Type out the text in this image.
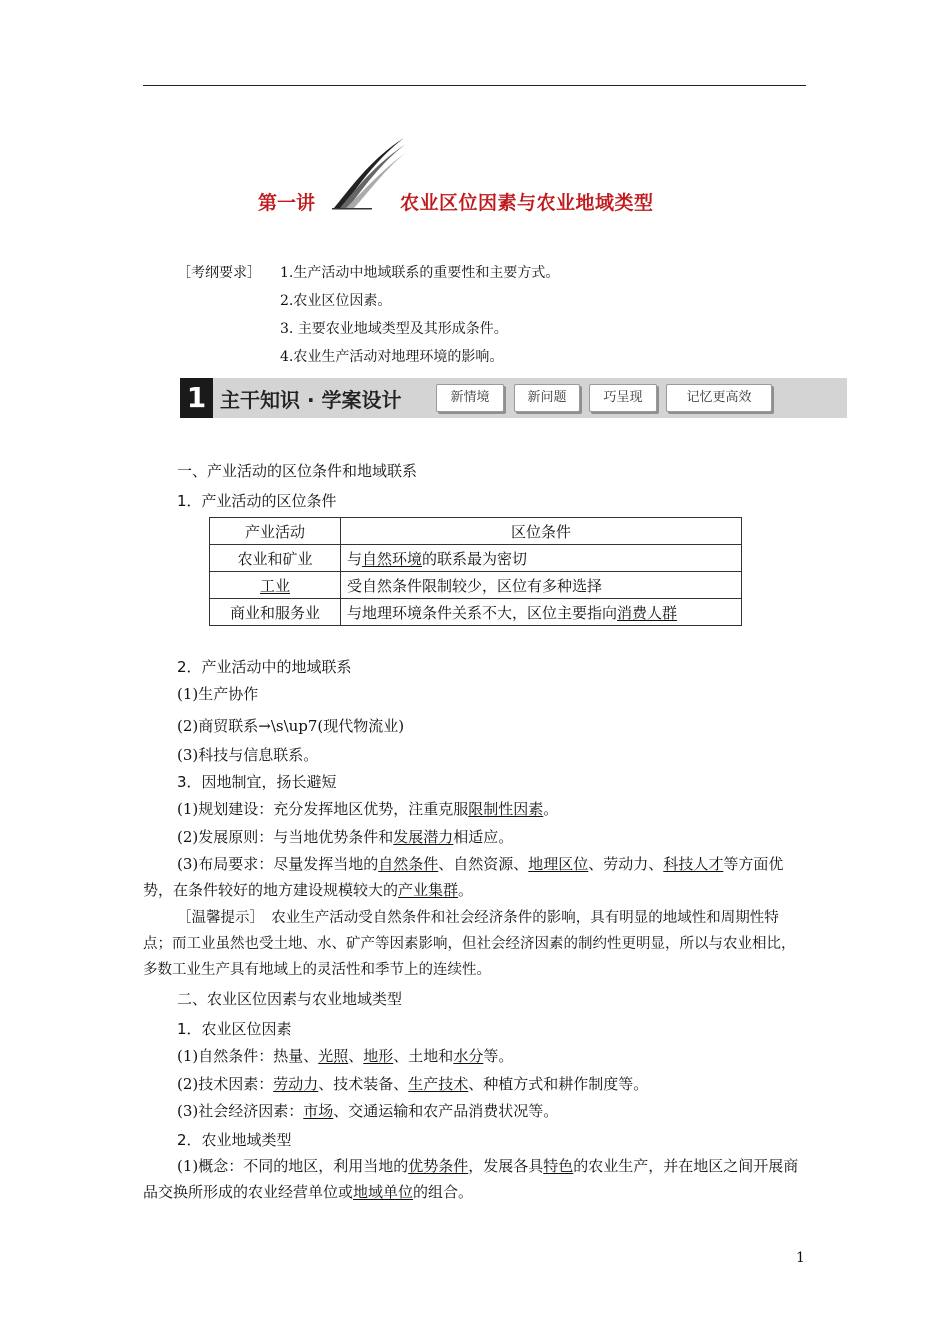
第一讲	农业区位因素与农业地域类型
［考纲要求］ 1.生产活动中地域联系的重要性和主要方式。
2.农业区位因素。
3. 主要农业地域类型及其形成条件。
4.农业生产活动对地理环境的影响。
1 主干知识 · 学案设计	新情境	新问题	巧呈现	记忆更高效
一、产业活动的区位条件和地域联系
1．产业活动的区位条件
产业活动	区位条件
农业和矿业	与自然环境的联系最为密切
工业	受自然条件限制较少，区位有多种选择
商业和服务业	与地理环境条件关系不大，区位主要指向消费人群
2．产业活动中的地域联系
(1)生产协作
(2)商贸联系→\s\up7(现代物流业)
(3)科技与信息联系。
3．因地制宜，扬长避短
(1)规划建设：充分发挥地区优势，注重克服限制性因素。
(2)发展原则：与当地优势条件和发展潜力相适应。
(3)布局要求：尽量发挥当地的自然条件、自然资源、地理区位、劳动力、科技人才等方面优势，在条件较好的地方建设规模较大的产业集群。
［温馨提示］　农业生产活动受自然条件和社会经济条件的影响，具有明显的地域性和周期性特点；而工业虽然也受土地、水、矿产等因素影响，但社会经济因素的制约性更明显，所以与农业相比，多数工业生产具有地域上的灵活性和季节上的连续性。
二、农业区位因素与农业地域类型
1．农业区位因素
(1)自然条件：热量、光照、地形、土地和水分等。
(2)技术因素：劳动力、技术装备、生产技术、种植方式和耕作制度等。
(3)社会经济因素：市场、交通运输和农产品消费状况等。
2．农业地域类型
(1)概念：不同的地区，利用当地的优势条件，发展各具特色的农业生产，并在地区之间开展商品交换所形成的农业经营单位或地域单位的组合。
1
